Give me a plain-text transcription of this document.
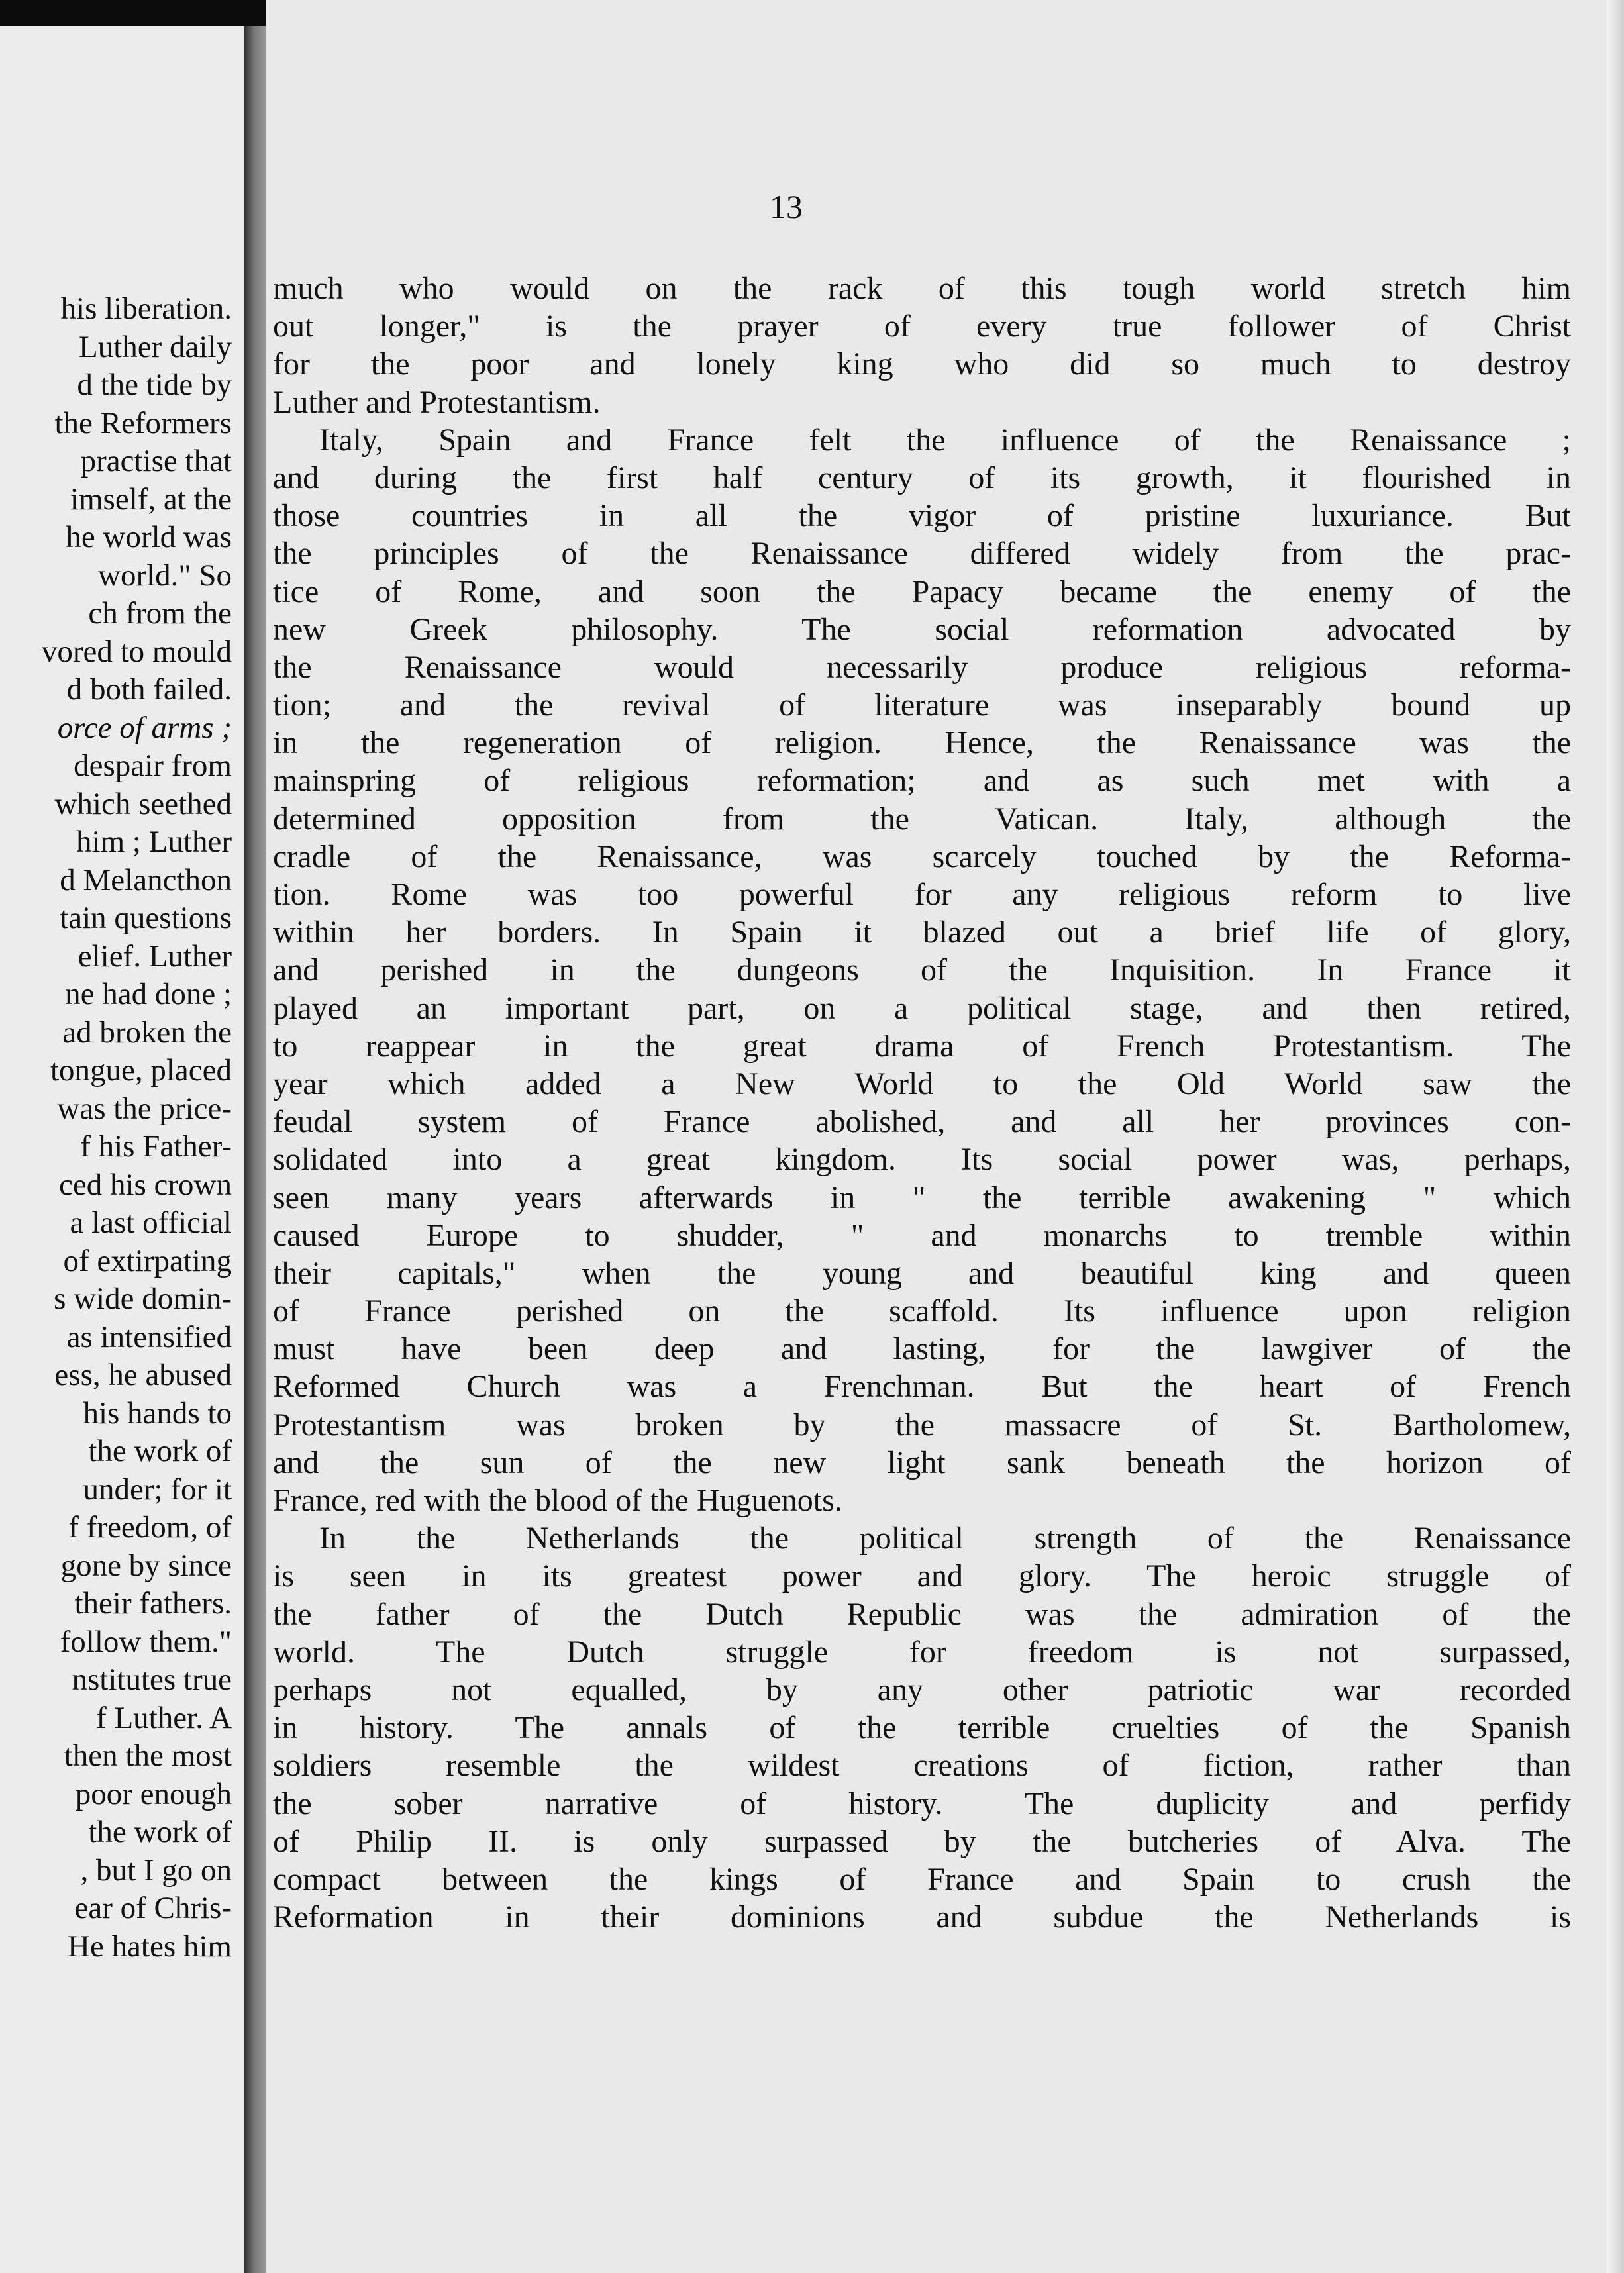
his liberation.
Luther daily
d the tide by
the Reformers
practise that
imself, at the
he world was
world." So
ch from the
vored to mould
d both failed.
orce of arms ;
despair from
which seethed
him ; Luther
d Melancthon
tain questions
elief. Luther
ne had done ;
ad broken the
tongue, placed
was the price-
f his Father-
ced his crown
a last official
of extirpating
s wide domin-
as intensified
ess, he abused
his hands to
the work of
under; for it
f freedom, of
gone by since
their fathers.
follow them."
nstitutes true
f Luther. A
then the most
poor enough
the work of
, but I go on
ear of Chris-
He hates him
13
much who would on the rack of this tough world stretch him
out longer," is the prayer of every true follower of Christ
for the poor and lonely king who did so much to destroy
Luther and Protestantism.
Italy, Spain and France felt the influence of the Renaissance ;
and during the first half century of its growth, it flourished in
those countries in all the vigor of pristine luxuriance. But
the principles of the Renaissance differed widely from the prac-
tice of Rome, and soon the Papacy became the enemy of the
new Greek philosophy. The social reformation advocated by
the Renaissance would necessarily produce religious reforma-
tion; and the revival of literature was inseparably bound up
in the regeneration of religion. Hence, the Renaissance was the
mainspring of religious reformation; and as such met with a
determined opposition from the Vatican. Italy, although the
cradle of the Renaissance, was scarcely touched by the Reforma-
tion. Rome was too powerful for any religious reform to live
within her borders. In Spain it blazed out a brief life of glory,
and perished in the dungeons of the Inquisition. In France it
played an important part, on a political stage, and then retired,
to reappear in the great drama of French Protestantism. The
year which added a New World to the Old World saw the
feudal system of France abolished, and all her provinces con-
solidated into a great kingdom. Its social power was, perhaps,
seen many years afterwards in " the terrible awakening " which
caused Europe to shudder, " and monarchs to tremble within
their capitals," when the young and beautiful king and queen
of France perished on the scaffold. Its influence upon religion
must have been deep and lasting, for the lawgiver of the
Reformed Church was a Frenchman. But the heart of French
Protestantism was broken by the massacre of St. Bartholomew,
and the sun of the new light sank beneath the horizon of
France, red with the blood of the Huguenots.
In the Netherlands the political strength of the Renaissance
is seen in its greatest power and glory. The heroic struggle of
the father of the Dutch Republic was the admiration of the
world. The Dutch struggle for freedom is not surpassed,
perhaps not equalled, by any other patriotic war recorded
in history. The annals of the terrible cruelties of the Spanish
soldiers resemble the wildest creations of fiction, rather than
the sober narrative of history. The duplicity and perfidy
of Philip II. is only surpassed by the butcheries of Alva. The
compact between the kings of France and Spain to crush the
Reformation in their dominions and subdue the Netherlands is
